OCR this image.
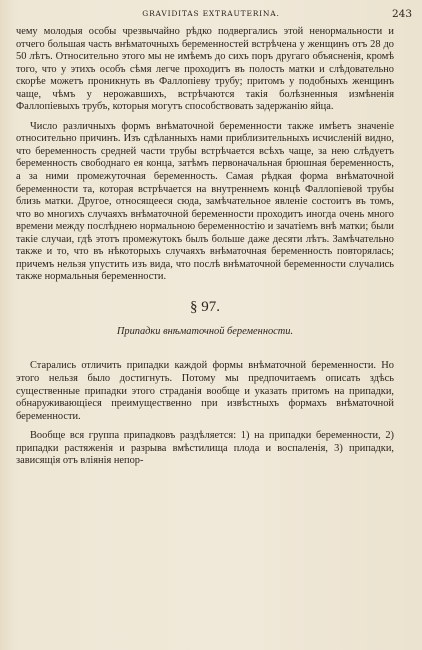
GRAVIDITAS EXTRAUTERINA.	243

чему молодыя особы чрезвычайно рѣдко подвергались этой ненормальности и отчего большая часть внѣматочныхъ беременностей встрѣчена у женщинъ отъ 28 до 50 лѣтъ. Относительно этого мы не имѣемъ до сихъ поръ другаго объясненія, кромѣ того, что у этихъ особъ сѣмя легче проходитъ въ полость матки и слѣдовательно скорѣе можетъ проникнуть въ Фаллопіеву трубу; притомъ у подобныхъ женщинъ чаще, чѣмъ у нерожавшихъ, встрѣчаются такія болѣзненныя измѣненія Фаллопіевыхъ трубъ, которыя могутъ способствовать задержанію яйца.

Число различныхъ формъ внѣматочной беременности также имѣетъ значеніе относительно причинъ. Изъ сдѣланныхъ нами приблизительныхъ исчисленій видно, что беременность средней части трубы встрѣчается всѣхъ чаще, за нею слѣдуетъ беременность свободнаго ея конца, затѣмъ первоначальная брюшная беременность, а за ними промежуточная беременность. Самая рѣдкая форма внѣматочной беременности та, которая встрѣчается на внутреннемъ концѣ Фаллопіевой трубы близь матки. Другое, относящееся сюда, замѣчательное явленіе состоитъ въ томъ, что во многихъ случаяхъ внѣматочной беременности проходитъ иногда очень много времени между послѣднею нормальною беременностію и зачатіемъ внѣ матки; были такіе случаи, гдѣ этотъ промежутокъ былъ больше даже десяти лѣтъ. Замѣчательно также и то, что въ нѣкоторыхъ случаяхъ внѣматочная беременность повторялась; причемъ нельзя упустить изъ вида, что послѣ внѣматочной беременности случались также нормальныя беременности.

§ 97.
Припадки внѣматочной беременности.

Старались отличить припадки каждой формы внѣматочной беременности. Но этого нельзя было достигнуть. Потому мы предпочитаемъ описать здѣсь существенные припадки этого страданія вообще и указать притомъ на припадки, обнаруживающіеся преимущественно при извѣстныхъ формахъ внѣматочной беременности.

Вообще вся группа припадковъ раздѣляется: 1) на припадки беременности, 2) припадки растяженія и разрыва вмѣстилища плода и воспаленія, 3) припадки, зависящія отъ вліянія непор-
